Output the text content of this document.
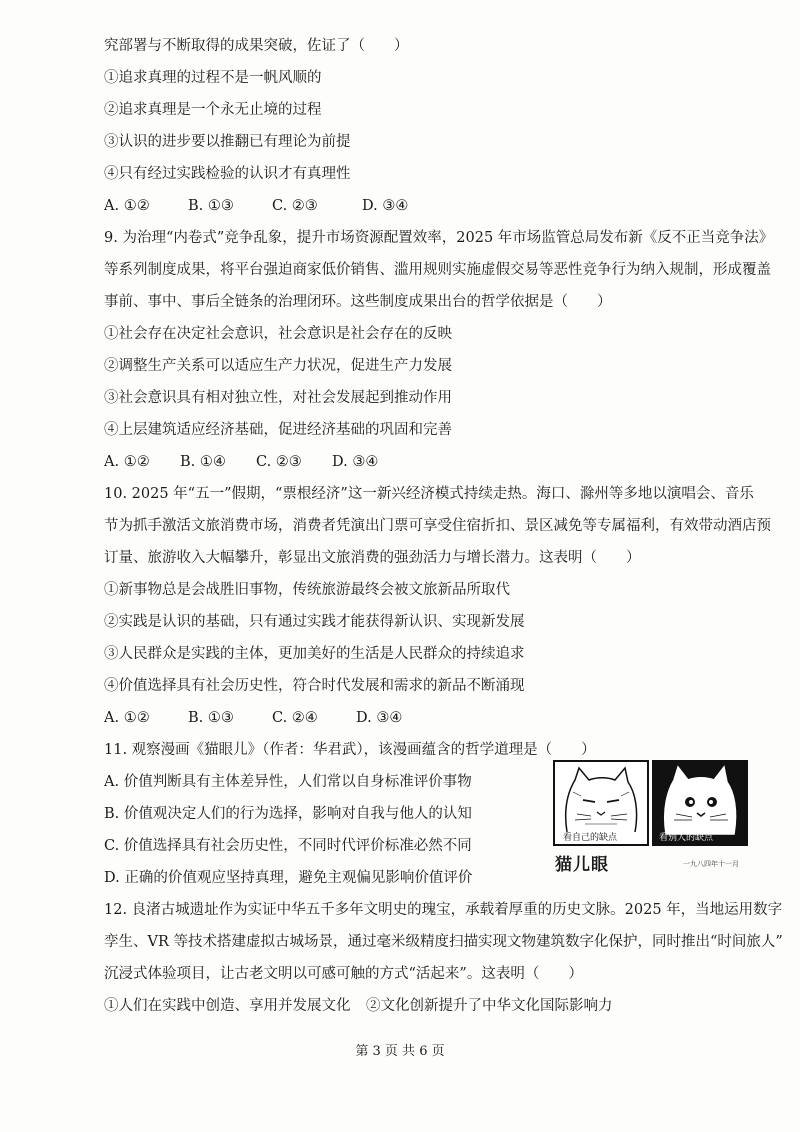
究部署与不断取得的成果突破，佐证了（　　）
①追求真理的过程不是一帆风顺的
②追求真理是一个永无止境的过程
③认识的进步要以推翻已有理论为前提
④只有经过实践检验的认识才有真理性
A. ①②	B. ①③	C. ②③	D. ③④
9. 为治理“内卷式”竞争乱象，提升市场资源配置效率，2025 年市场监管总局发布新《反不正当竞争法》
等系列制度成果，将平台强迫商家低价销售、滥用规则实施虚假交易等恶性竞争行为纳入规制，形成覆盖
事前、事中、事后全链条的治理闭环。这些制度成果出台的哲学依据是（　　）
①社会存在决定社会意识，社会意识是社会存在的反映
②调整生产关系可以适应生产力状况，促进生产力发展
③社会意识具有相对独立性，对社会发展起到推动作用
④上层建筑适应经济基础，促进经济基础的巩固和完善
A. ①②	B. ①④	C. ②③	D. ③④
10. 2025 年“五一”假期，“票根经济”这一新兴经济模式持续走热。海口、滁州等多地以演唱会、音乐
节为抓手激活文旅消费市场，消费者凭演出门票可享受住宿折扣、景区减免等专属福利，有效带动酒店预
订量、旅游收入大幅攀升，彰显出文旅消费的强劲活力与增长潜力。这表明（　　）
①新事物总是会战胜旧事物，传统旅游最终会被文旅新品所取代
②实践是认识的基础，只有通过实践才能获得新认识、实现新发展
③人民群众是实践的主体，更加美好的生活是人民群众的持续追求
④价值选择具有社会历史性，符合时代发展和需求的新品不断涌现
A. ①②	B. ①③	C. ②④	D. ③④
11. 观察漫画《猫眼儿》（作者：华君武），该漫画蕴含的哲学道理是（　　）
A. 价值判断具有主体差异性，人们常以自身标准评价事物
B. 价值观决定人们的行为选择，影响对自我与他人的认知
C. 价值选择具有社会历史性，不同时代评价标准必然不同
D. 正确的价值观应坚持真理，避免主观偏见影响价值评价
看自己的缺点	看别人的缺点
猫儿眼	一九八四年十一月
12. 良渚古城遗址作为实证中华五千多年文明史的瑰宝，承载着厚重的历史文脉。2025 年，当地运用数字
孪生、VR 等技术搭建虚拟古城场景，通过毫米级精度扫描实现文物建筑数字化保护，同时推出“时间旅人”
沉浸式体验项目，让古老文明以可感可触的方式“活起来”。这表明（　　）
①人们在实践中创造、享用并发展文化	②文化创新提升了中华文化国际影响力
第 3 页 共 6 页
